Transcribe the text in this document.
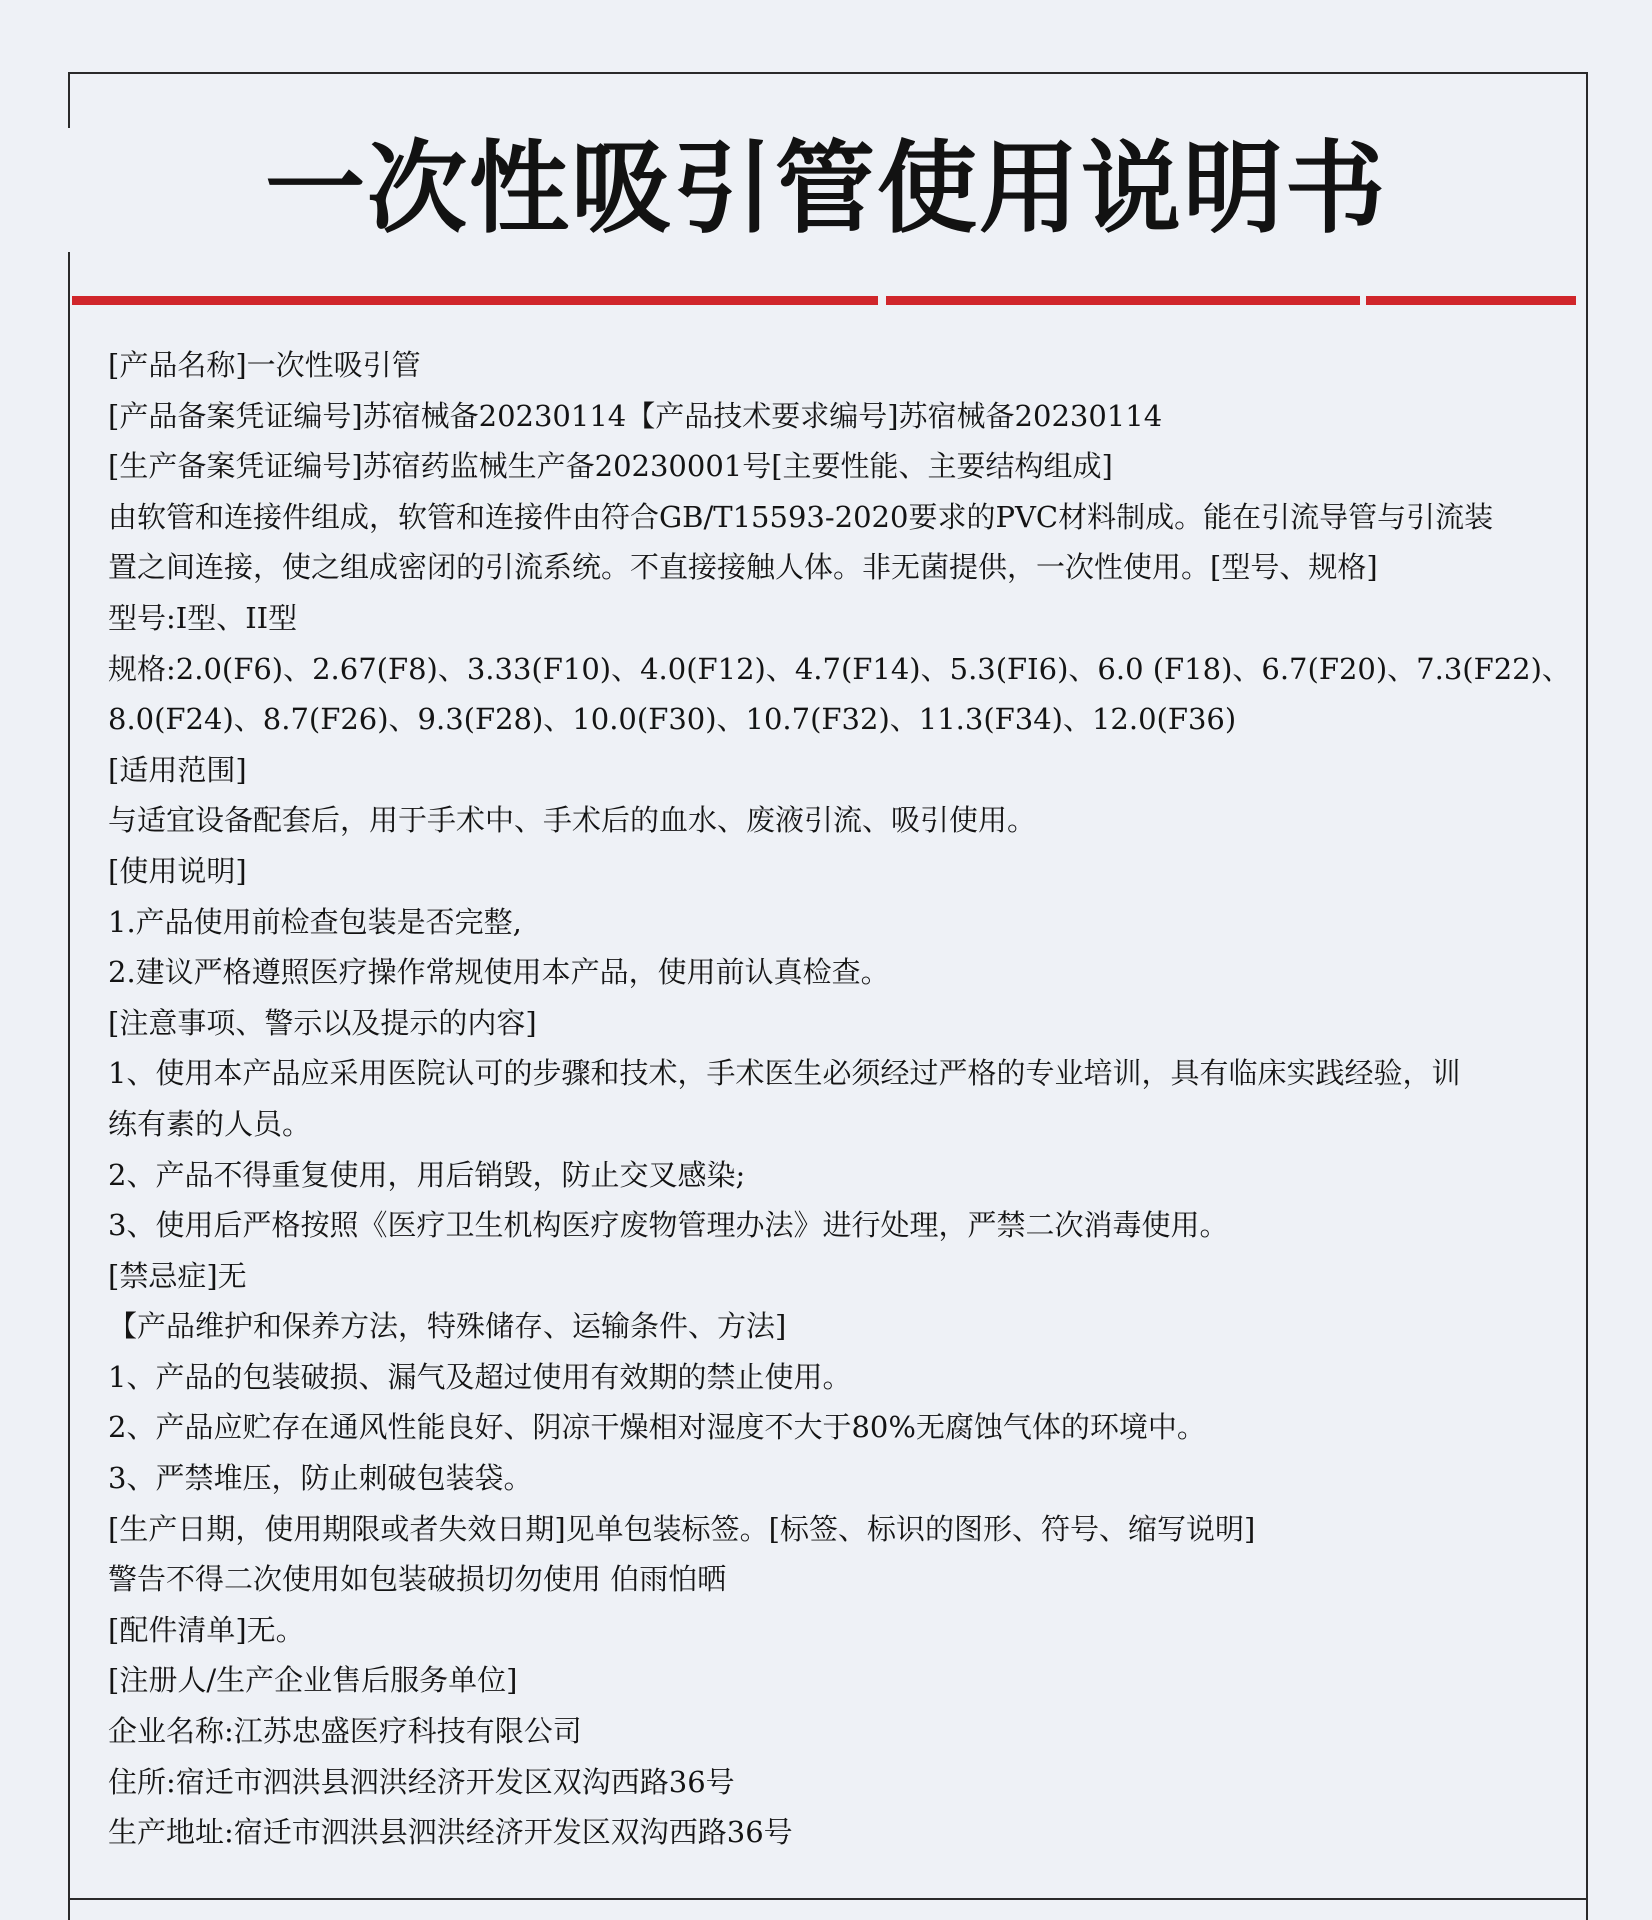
一次性吸引管使用说明书

[产品名称]一次性吸引管

[产品备案凭证编号]苏宿械备20230114【产品技术要求编号]苏宿械备20230114

[生产备案凭证编号]苏宿药监械生产备20230001号[主要性能、主要结构组成]

由软管和连接件组成，软管和连接件由符合GB/T15593-2020要求的PVC材料制成。能在引流导管与引流装

置之间连接，使之组成密闭的引流系统。不直接接触人体。非无菌提供，一次性使用。[型号、规格]

型号:I型、II型

规格:2.0(F6)、2.67(F8)、3.33(F10)、4.0(F12)、4.7(F14)、5.3(FI6)、6.0 (F18)、6.7(F20)、7.3(F22)、

8.0(F24)、8.7(F26)、9.3(F28)、10.0(F30)、10.7(F32)、11.3(F34)、12.0(F36)

[适用范围]

与适宜设备配套后，用于手术中、手术后的血水、废液引流、吸引使用。

[使用说明]

1.产品使用前检查包装是否完整,

2.建议严格遵照医疗操作常规使用本产品，使用前认真检查。

[注意事项、警示以及提示的内容]

1、使用本产品应采用医院认可的步骤和技术，手术医生必须经过严格的专业培训，具有临床实践经验，训

练有素的人员。

2、产品不得重复使用，用后销毁，防止交叉感染;

3、使用后严格按照《医疗卫生机构医疗废物管理办法》进行处理，严禁二次消毒使用。

[禁忌症]无

【产品维护和保养方法，特殊储存、运输条件、方法]

1、产品的包装破损、漏气及超过使用有效期的禁止使用。

2、产品应贮存在通风性能良好、阴凉干燥相对湿度不大于80%无腐蚀气体的环境中。

3、严禁堆压，防止刺破包装袋。

[生产日期，使用期限或者失效日期]见单包装标签。[标签、标识的图形、符号、缩写说明]

警告不得二次使用如包装破损切勿使用 伯雨怕晒

[配件清单]无。

[注册人/生产企业售后服务单位]

企业名称:江苏忠盛医疗科技有限公司

住所:宿迁市泗洪县泗洪经济开发区双沟西路36号

生产地址:宿迁市泗洪县泗洪经济开发区双沟西路36号
